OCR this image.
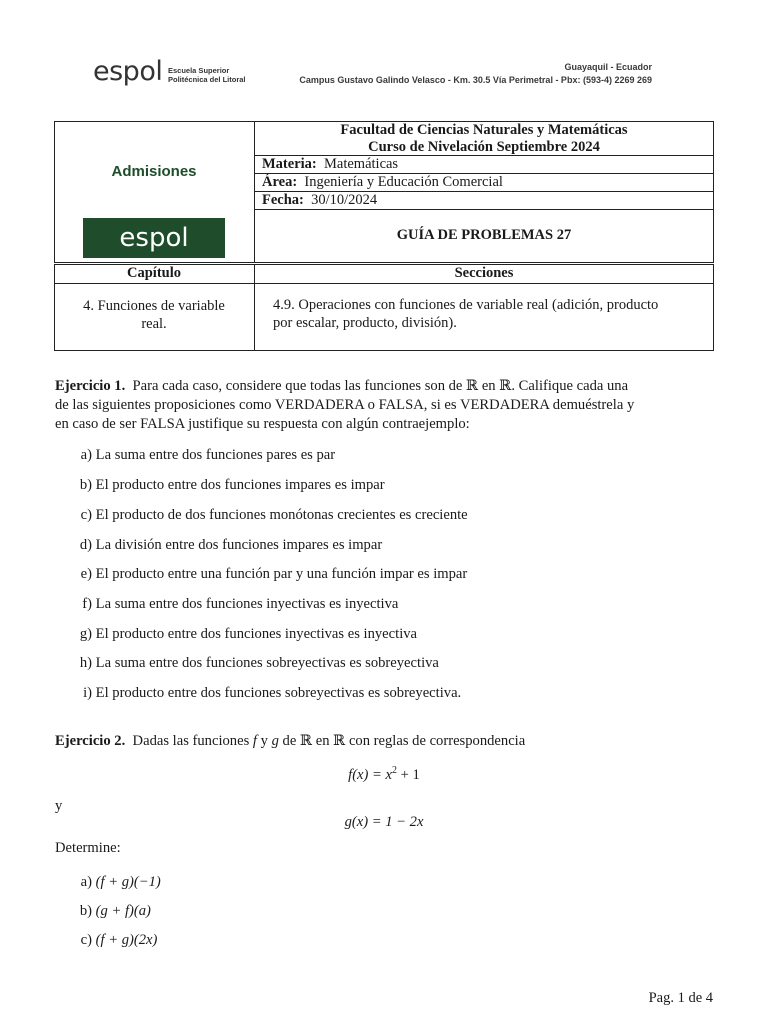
espol Escuela Superior
Politécnica del Litoral
Guayaquil - Ecuador
Campus Gustavo Galindo Velasco - Km. 30.5 Vía Perimetral - Pbx: (593-4) 2269 269
Admisiones
espol
Facultad de Ciencias Naturales y Matemáticas
Curso de Nivelación Septiembre 2024
Materia: Matemáticas
Área: Ingeniería y Educación Comercial
Fecha: 30/10/2024
GUÍA DE PROBLEMAS 27
Capítulo	Secciones
4. Funciones de variable
real.
4.9. Operaciones con funciones de variable real (adición, producto
por escalar, producto, división).
Ejercicio 1. Para cada caso, considere que todas las funciones son de ℝ en ℝ. Califique cada una
de las siguientes proposiciones como VERDADERA o FALSA, si es VERDADERA demuéstrela y
en caso de ser FALSA justifique su respuesta con algún contraejemplo:
a) La suma entre dos funciones pares es par
b) El producto entre dos funciones impares es impar
c) El producto de dos funciones monótonas crecientes es creciente
d) La división entre dos funciones impares es impar
e) El producto entre una función par y una función impar es impar
f) La suma entre dos funciones inyectivas es inyectiva
g) El producto entre dos funciones inyectivas es inyectiva
h) La suma entre dos funciones sobreyectivas es sobreyectiva
i) El producto entre dos funciones sobreyectivas es sobreyectiva.
Ejercicio 2. Dadas las funciones f y g de ℝ en ℝ con reglas de correspondencia
$f(x) = x^2 + 1$
y
g(x) = 1 − 2x
Determine:
a) (f + g)(−1)
b) (g + f)(a)
c) (f + g)(2x)
Pag. 1 de 4
